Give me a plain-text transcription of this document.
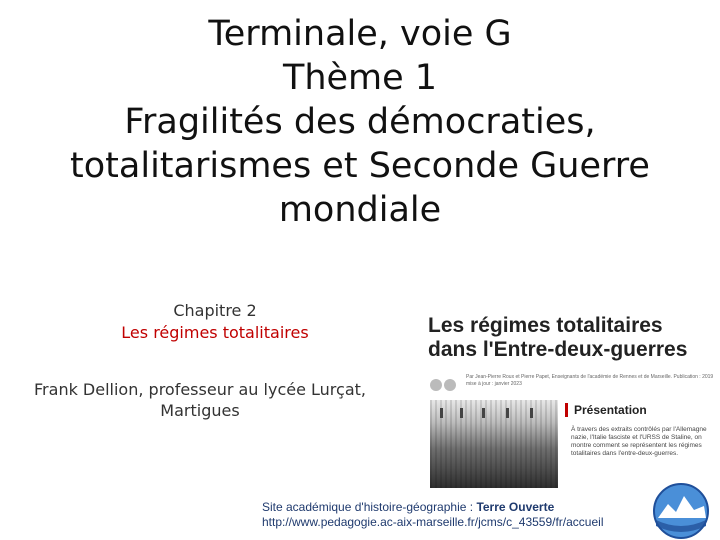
Terminale, voie G
Thème 1
Fragilités des démocraties,
totalitarismes et Seconde Guerre
mondiale
Chapitre 2
Les régimes totalitaires
Frank Dellion, professeur au lycée Lurçat,
Martigues
Les régimes totalitaires
dans l'Entre-deux-guerres
Par Jean-Pierre Roux et Pierre Papet, Enseignants de l'académie de Rennes et de Marseille. Publication : 2019 mise à jour : janvier 2023
Présentation
À travers des extraits contrôlés par l'Allemagne nazie, l'Italie fasciste et l'URSS de Staline, on montre comment se représentent les régimes totalitaires dans l'entre-deux-guerres.
Site académique d'histoire-géographie : Terre Ouverte
http://www.pedagogie.ac-aix-marseille.fr/jcms/c_43559/fr/accueil
